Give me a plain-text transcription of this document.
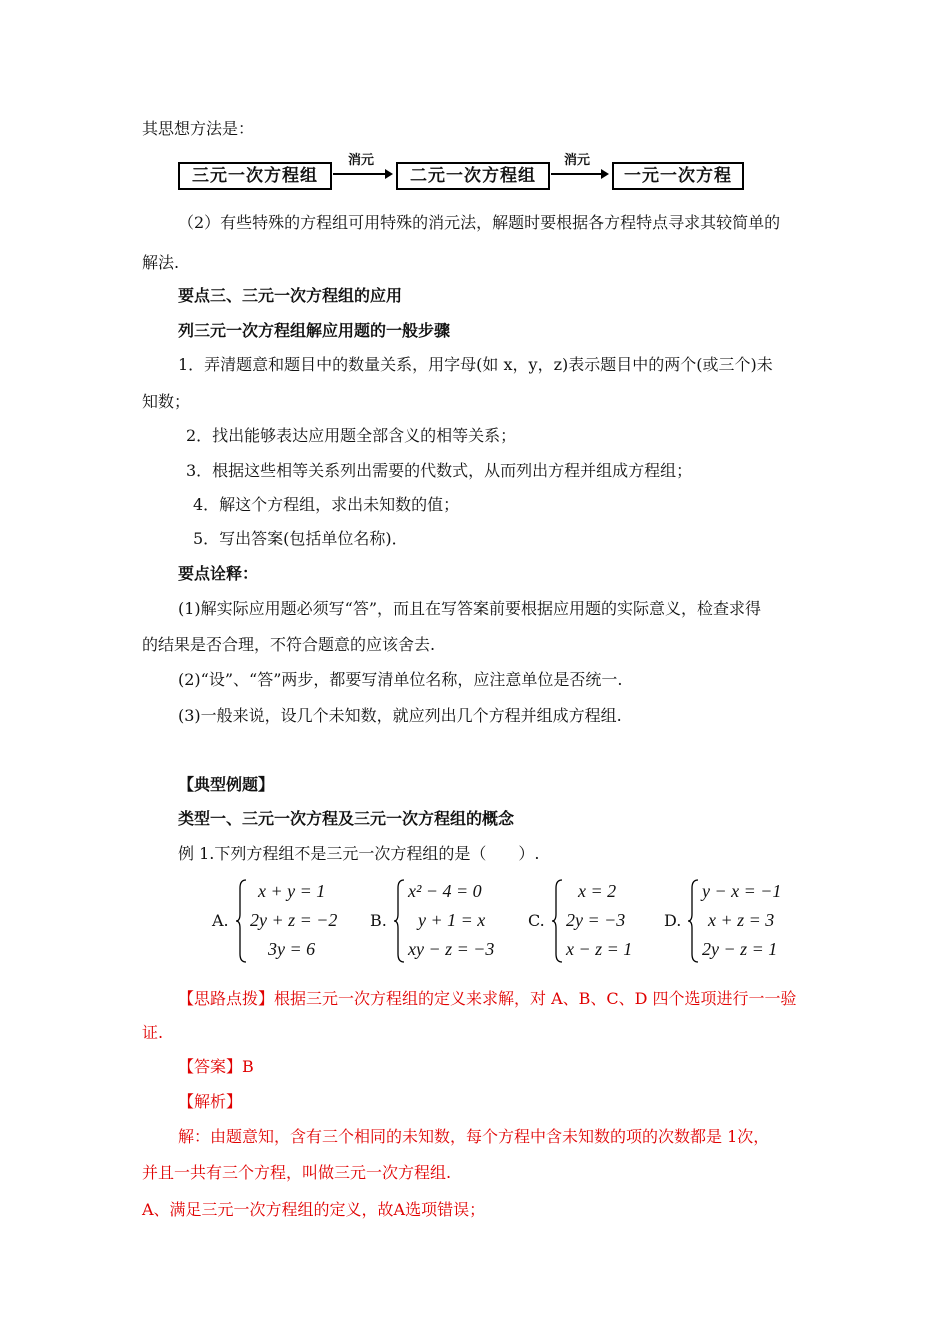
其思想方法是：
三元一次方程组
消元
二元一次方程组
消元
一元一次方程
（2）有些特殊的方程组可用特殊的消元法，解题时要根据各方程特点寻求其较简单的
解法.
要点三、三元一次方程组的应用
列三元一次方程组解应用题的一般步骤
1．弄清题意和题目中的数量关系，用字母(如 x，y，z)表示题目中的两个(或三个)未
知数；
2．找出能够表达应用题全部含义的相等关系；
3．根据这些相等关系列出需要的代数式，从而列出方程并组成方程组；
4．解这个方程组，求出未知数的值；
5．写出答案(包括单位名称)．
要点诠释：
(1)解实际应用题必须写“答”，而且在写答案前要根据应用题的实际意义，检查求得
的结果是否合理，不符合题意的应该舍去.
(2)“设”、“答”两步，都要写清单位名称，应注意单位是否统一.
(3)一般来说，设几个未知数，就应列出几个方程并组成方程组.
【典型例题】
类型一、三元一次方程及三元一次方程组的概念
例 1.下列方程组不是三元一次方程组的是（　　）.
A.
x + y = 1
2y + z = −2
3y = 6
B.
x² − 4 = 0
y + 1 = x
xy − z = −3
C.
x = 2
2y = −3
x − z = 1
D.
y − x = −1
x + z = 3
2y − z = 1
【思路点拨】根据三元一次方程组的定义来求解，对 A、B、C、D 四个选项进行一一验
证.
【答案】B
【解析】
解：由题意知，含有三个相同的未知数，每个方程中含未知数的项的次数都是 1次，
并且一共有三个方程，叫做三元一次方程组.
A、满足三元一次方程组的定义，故A选项错误；
